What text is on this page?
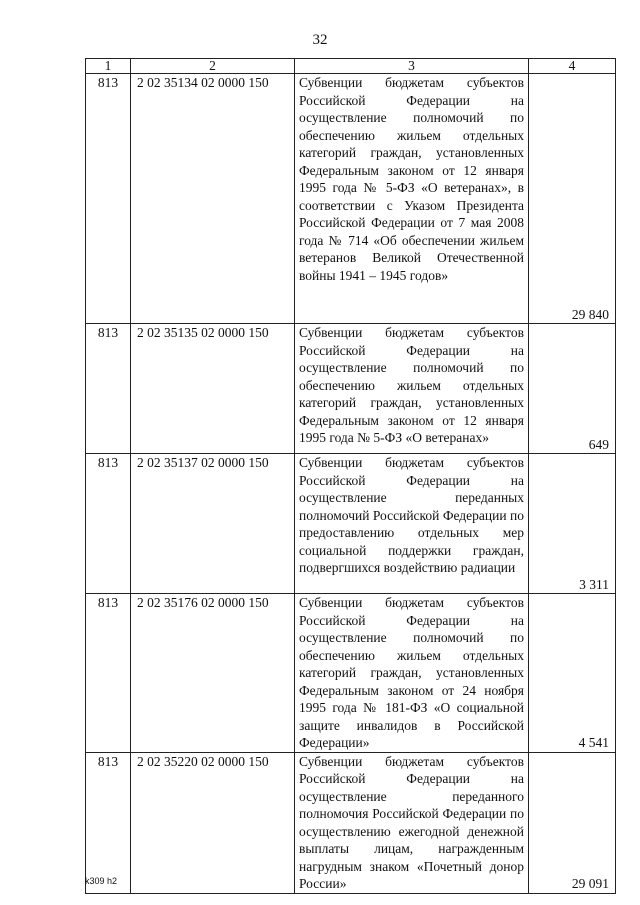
32
1	2	3	4
813	2 02 35134 02 0000 150	Субвенции бюджетам субъектов Российской Федерации на осуществление полномочий по обеспечению жильем отдельных категорий граждан, установленных Федеральным законом от 12 января 1995 года № 5-ФЗ «О ветеранах», в соответствии с Указом Президента Российской Федерации от 7 мая 2008 года № 714 «Об обеспечении жильем ветеранов Великой Отечественной войны 1941 – 1945 годов»	29 840
813	2 02 35135 02 0000 150	Субвенции бюджетам субъектов Российской Федерации на осуществление полномочий по обеспечению жильем отдельных категорий граждан, установленных Федеральным законом от 12 января 1995 года № 5-ФЗ «О ветеранах»	649
813	2 02 35137 02 0000 150	Субвенции бюджетам субъектов Российской Федерации на осуществление переданных полномочий Российской Федерации по предоставлению отдельных мер социальной поддержки граждан, подвергшихся воздействию радиации	3 311
813	2 02 35176 02 0000 150	Субвенции бюджетам субъектов Российской Федерации на осуществление полномочий по обеспечению жильем отдельных категорий граждан, установленных Федеральным законом от 24 ноября 1995 года № 181-ФЗ «О социальной защите инвалидов в Российской Федерации»	4 541
813	2 02 35220 02 0000 150	Субвенции бюджетам субъектов Российской Федерации на осуществление переданного полномочия Российской Федерации по осуществлению ежегодной денежной выплаты лицам, награжденным нагрудным знаком «Почетный донор России»	29 091
k309 h2
